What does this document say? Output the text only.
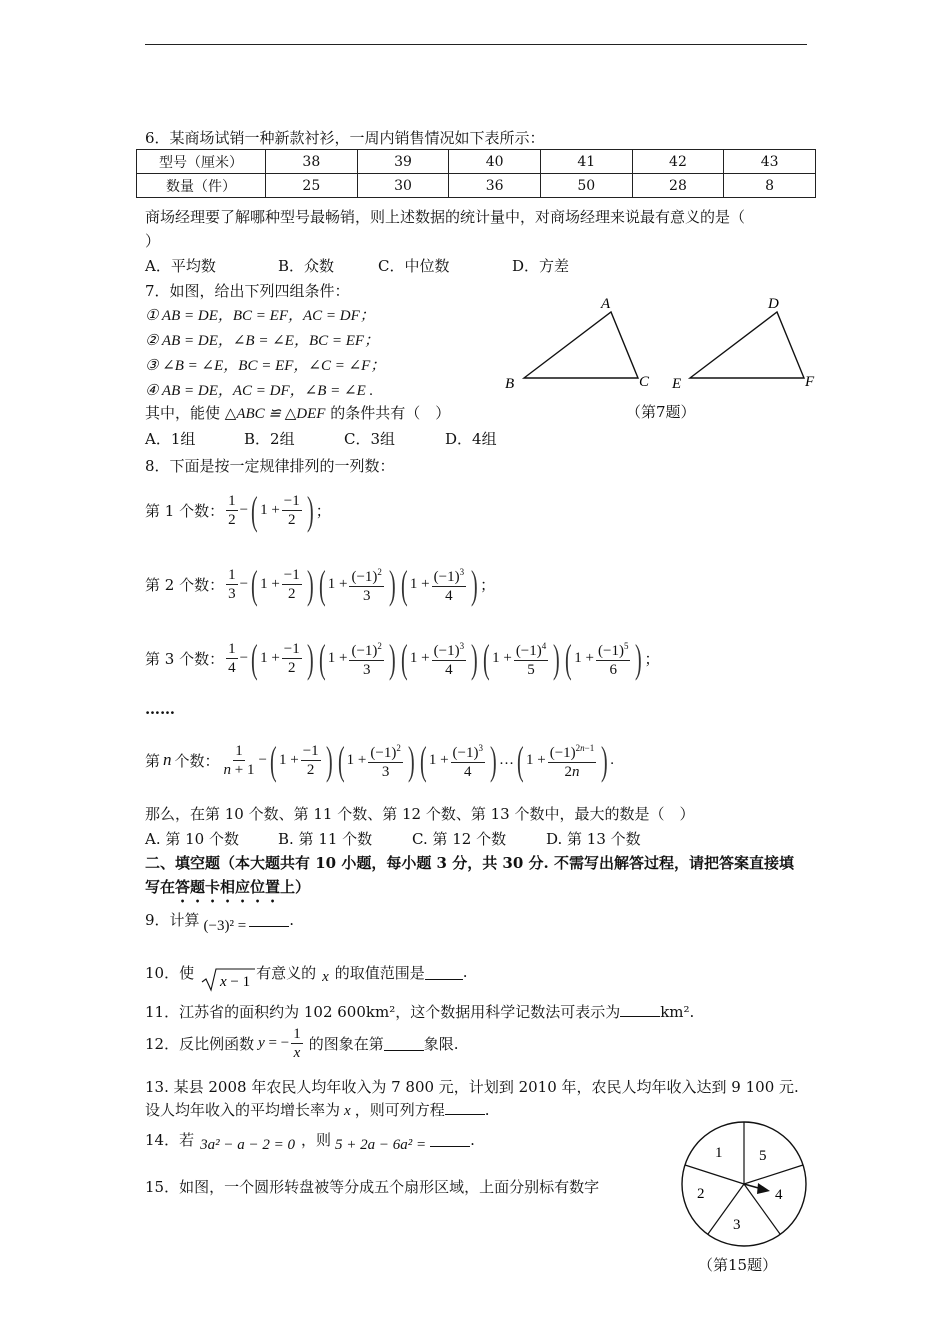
6．某商场试销一种新款衬衫，一周内销售情况如下表所示：
型号（厘米）	38	39	40	41	42	43
数量（件）	25	30	36	50	28	8
商场经理要了解哪种型号最畅销，则上述数据的统计量中，对商场经理来说最有意义的是（
）
A．平均数	B．众数	C．中位数	D．方差
7．如图，给出下列四组条件：
① AB = DE，BC = EF，AC = DF；
② AB = DE，∠B = ∠E，BC = EF；
③ ∠B = ∠E，BC = EF，∠C = ∠F；
④ AB = DE，AC = DF，∠B = ∠E .
其中，能使 △ABC ≌ △DEF 的条件共有（　）
A．1组	B．2组	C．3组	D．4组
A
B	C
D
E	F
（第7题）
8．下面是按一定规律排列的一列数：
第 1 个数： $\frac{1}{2}$ − ( $1 + \frac{-1}{2}$ ) ；
第 2 个数： $\frac{1}{3}$ − ( $1 + \frac{-1}{2}$ ) ( $1 + \frac{(-1)^2}{3}$ ) ( $1 + \frac{(-1)^3}{4}$ ) ；
第 3 个数： $\frac{1}{4}$ − ( $1 + \frac{-1}{2}$ ) ( $1 + \frac{(-1)^2}{3}$ ) ( $1 + \frac{(-1)^3}{4}$ ) ( $1 + \frac{(-1)^4}{5}$ ) ( $1 + \frac{(-1)^5}{6}$ ) ；
……
第 n 个数： $\frac{1}{n + 1}$ − ( $1 + \frac{-1}{2}$ ) ( $1 + \frac{(-1)^2}{3}$ ) ( $1 + \frac{(-1)^3}{4}$ ) … ( $1 + \frac{(-1)^{2n-1}}{2n}$ ) .
那么，在第 10 个数、第 11 个数、第 12 个数、第 13 个数中，最大的数是（　）
A. 第 10 个数	B. 第 11 个数	C. 第 12 个数	D. 第 13 个数
二、填空题（本大题共有 10 小题，每小题 3 分，共 30 分. 不需写出解答过程，请把答案直接填
写在答题卡相应位置上）
9．计算 (−3)² =	.
10．使
x − 1
有意义的 x 的取值范围是	.
11．江苏省的面积约为 102 600km²，这个数据用科学记数法可表示为	km².
12．反比例函数 y = − $\frac{1}{x}$ 的图象在第	象限.
13. 某县 2008 年农民人均年收入为 7 800 元，计划到 2010 年，农民人均年收入达到 9 100 元.
设人均年收入的平均增长率为 x ，则可列方程	.
14．若 3a² − a − 2 = 0 ，则 5 + 2a − 6a² =	.
15．如图，一个圆形转盘被等分成五个扇形区域，上面分别标有数字
1 5
2	4
3
（第15题）
